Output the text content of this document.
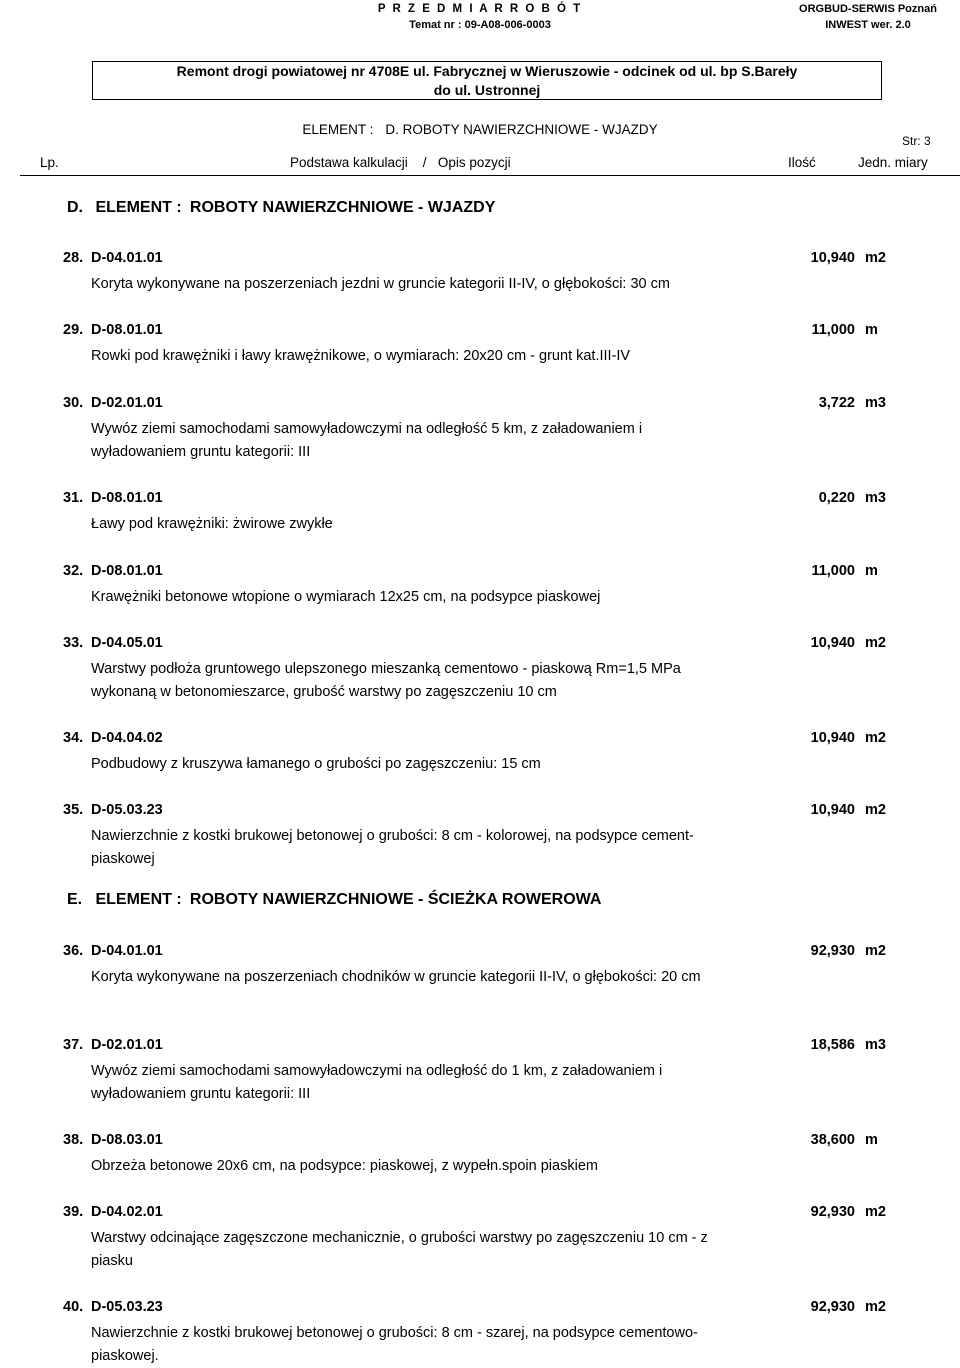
P R Z E D M I A R R O B Ó T
Temat nr : 09-A08-006-0003
ORGBUD-SERWIS Poznań
INWEST wer. 2.0
Remont drogi powiatowej nr 4708E ul. Fabrycznej w Wieruszowie - odcinek od ul. bp S.Bareły
do ul. Ustronnej
ELEMENT : D. ROBOTY NAWIERZCHNIOWE - WJAZDY
Str: 3
Lp.	Podstawa kalkulacji    /   Opis pozycji	Ilość	Jedn. miary
D. ELEMENT : ROBOTY NAWIERZCHNIOWE - WJAZDY
28. D-04.01.01	10,940 m2
Koryta wykonywane na poszerzeniach jezdni w gruncie kategorii II-IV, o głębokości: 30 cm
29. D-08.01.01	11,000 m
Rowki pod krawężniki i ławy krawężnikowe, o wymiarach: 20x20 cm - grunt kat.III-IV
30. D-02.01.01	3,722 m3
Wywóz ziemi samochodami samowyładowczymi na odległość 5 km, z załadowaniem i wyładowaniem gruntu kategorii: III
31. D-08.01.01	0,220 m3
Ławy pod krawężniki: żwirowe zwykłe
32. D-08.01.01	11,000 m
Krawężniki betonowe wtopione o wymiarach 12x25 cm, na podsypce piaskowej
33. D-04.05.01	10,940 m2
Warstwy podłoża gruntowego ulepszonego mieszanką cementowo - piaskową Rm=1,5 MPa wykonaną w betonomieszarce, grubość warstwy po zagęszczeniu 10 cm
34. D-04.04.02	10,940 m2
Podbudowy z kruszywa łamanego o grubości po zagęszczeniu: 15 cm
35. D-05.03.23	10,940 m2
Nawierzchnie z kostki brukowej betonowej o grubości: 8 cm - kolorowej, na podsypce cement-piaskowej
E. ELEMENT : ROBOTY NAWIERZCHNIOWE - ŚCIEŻKA ROWEROWA
36. D-04.01.01	92,930 m2
Koryta wykonywane na poszerzeniach chodników w gruncie kategorii II-IV, o głębokości: 20 cm
37. D-02.01.01	18,586 m3
Wywóz ziemi samochodami samowyładowczymi na odległość do 1 km, z załadowaniem i wyładowaniem gruntu kategorii: III
38. D-08.03.01	38,600 m
Obrzeża betonowe 20x6 cm, na podsypce: piaskowej, z wypełn.spoin piaskiem
39. D-04.02.01	92,930 m2
Warstwy odcinające zagęszczone mechanicznie, o grubości warstwy po zagęszczeniu 10 cm - z piasku
40. D-05.03.23	92,930 m2
Nawierzchnie z kostki brukowej betonowej o grubości: 8 cm - szarej, na podsypce cementowo-piaskowej.
